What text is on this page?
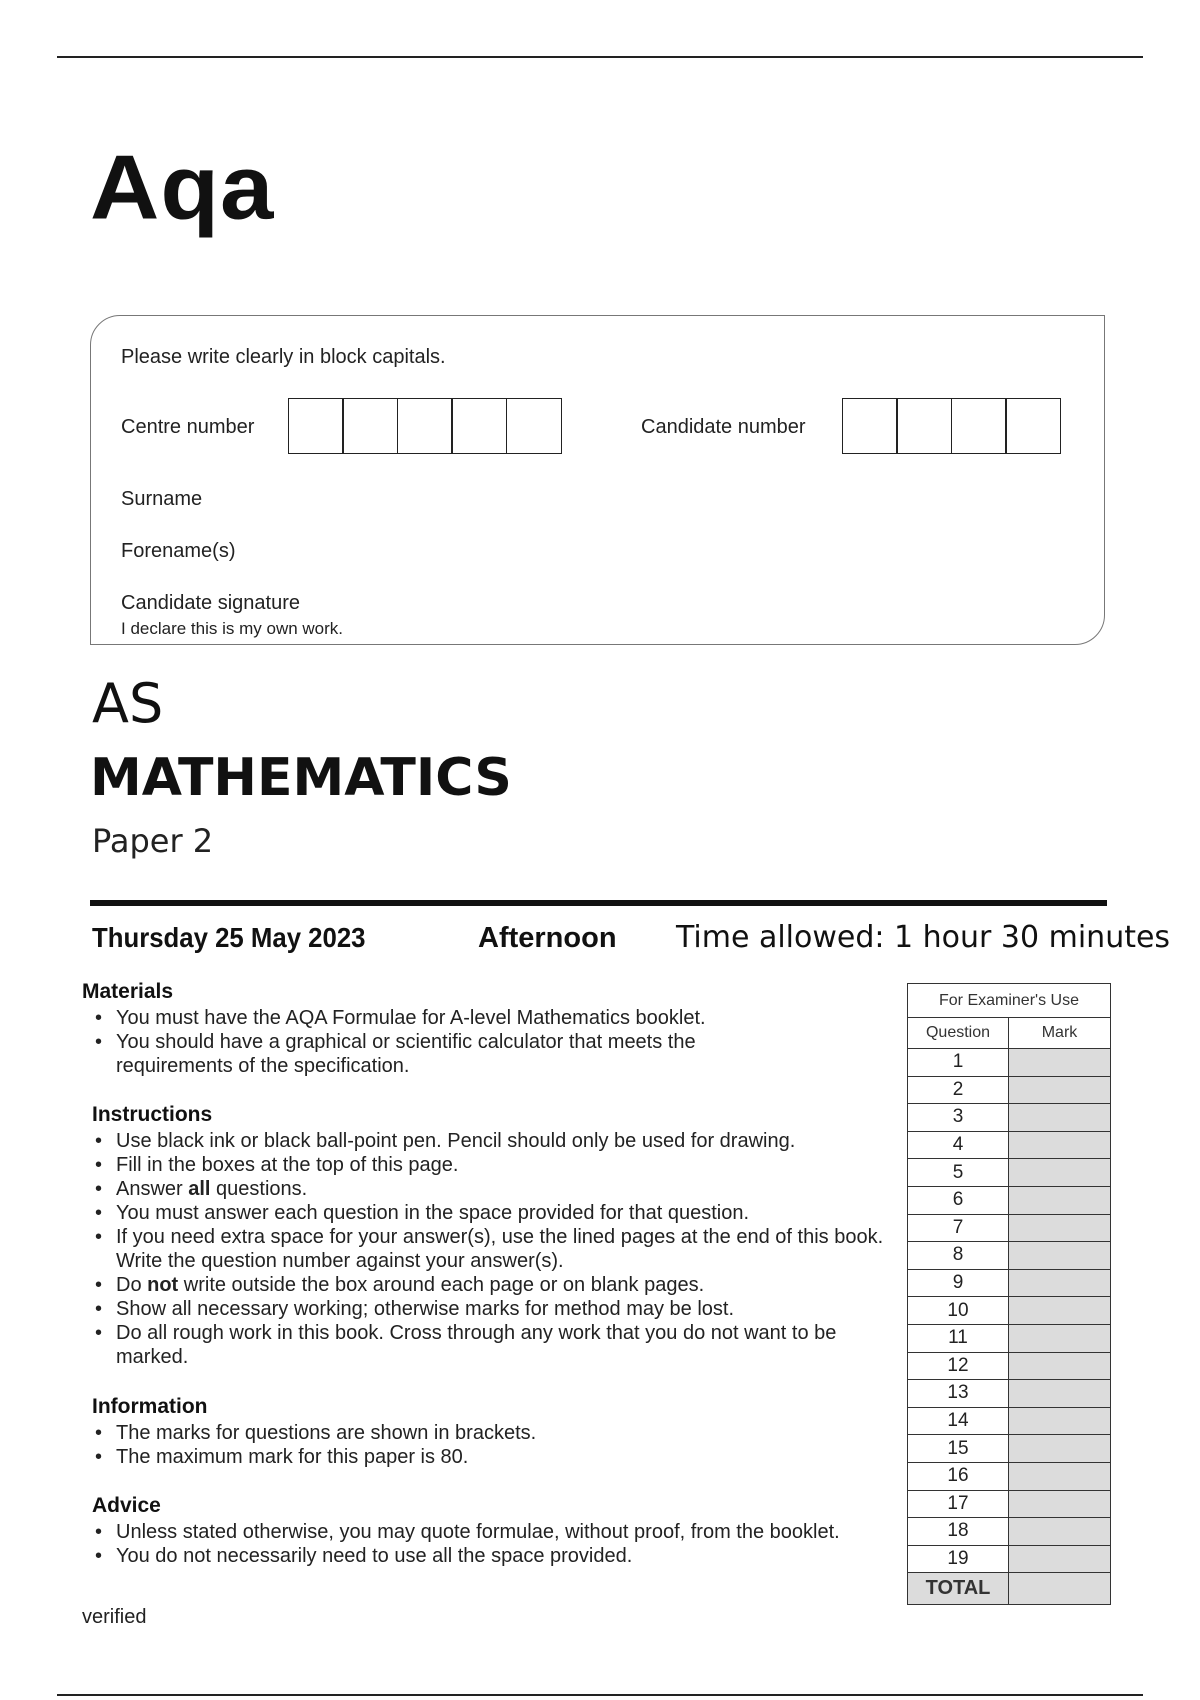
Aqa
Please write clearly in block capitals.
Centre number	Candidate number
Surname
Forename(s)
Candidate signature
I declare this is my own work.
AS
MATHEMATICS
Paper 2
Thursday 25 May 2023	Afternoon Time allowed: 1 hour 30 minutes
Materials
• You must have the AQA Formulae for A-level Mathematics booklet.
• You should have a graphical or scientific calculator that meets the requirements of the specification.
Instructions
• Use black ink or black ball-point pen. Pencil should only be used for drawing.
• Fill in the boxes at the top of this page.
• Answer all questions.
• You must answer each question in the space provided for that question.
• If you need extra space for your answer(s), use the lined pages at the end of this book. Write the question number against your answer(s).
• Do not write outside the box around each page or on blank pages.
• Show all necessary working; otherwise marks for method may be lost.
• Do all rough work in this book. Cross through any work that you do not want to be marked.
Information
• The marks for questions are shown in brackets.
• The maximum mark for this paper is 80.
Advice
• Unless stated otherwise, you may quote formulae, without proof, from the booklet.
• You do not necessarily need to use all the space provided.
verified
For Examiner's Use	
Question	Mark
1	
2	
3	
4	
5	
6	
7	
8	
9	
10	
11	
12	
13	
14	
15	
16	
17	
18	
19	
TOTAL	
